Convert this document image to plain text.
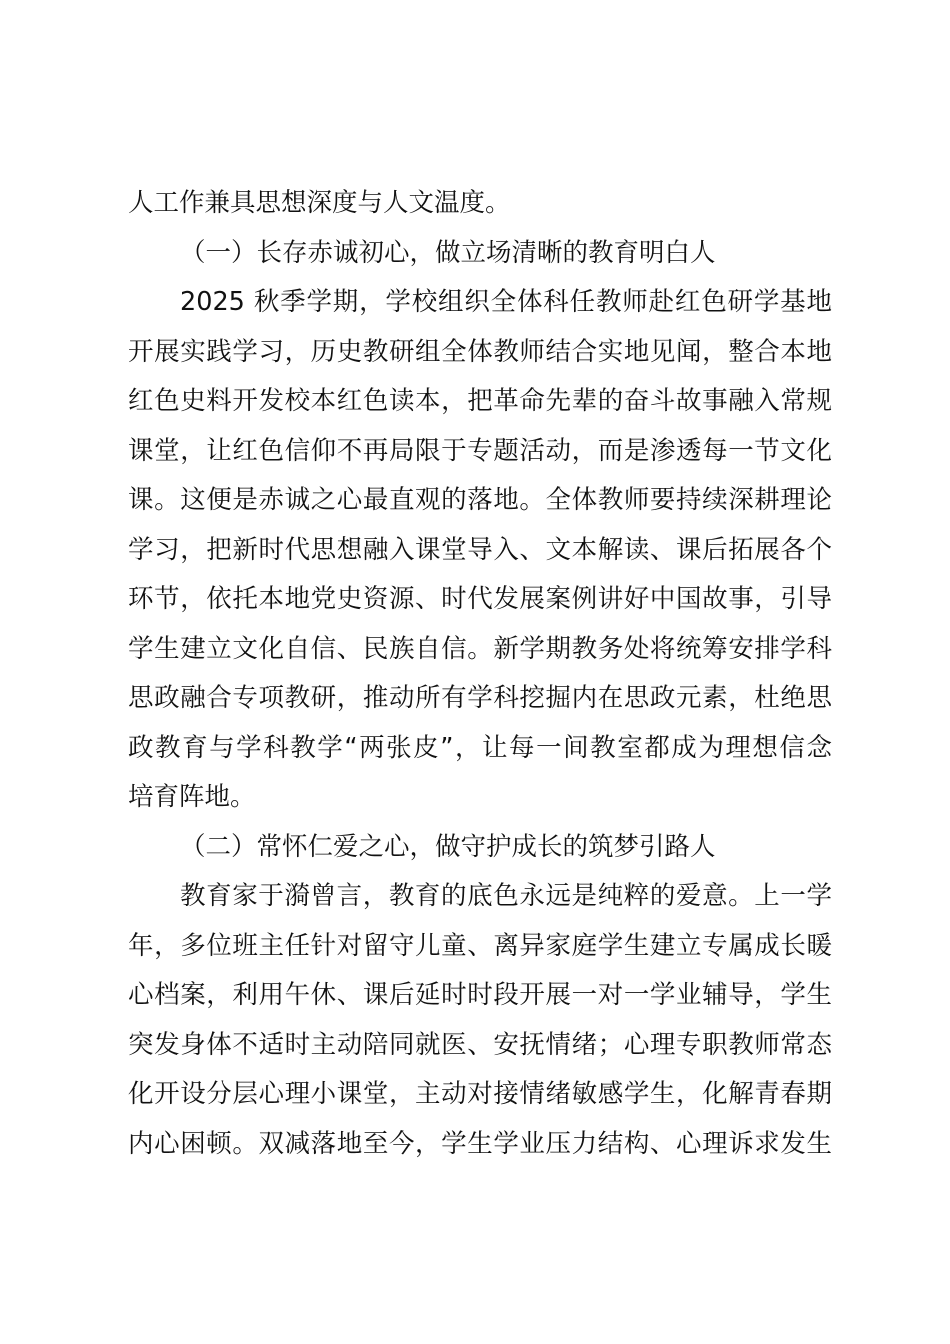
人工作兼具思想深度与人文温度。
（一）长存赤诚初心，做立场清晰的教育明白人
2025 秋季学期，学校组织全体科任教师赴红色研学基地
开展实践学习，历史教研组全体教师结合实地见闻，整合本地
红色史料开发校本红色读本，把革命先辈的奋斗故事融入常规
课堂，让红色信仰不再局限于专题活动，而是渗透每一节文化
课。这便是赤诚之心最直观的落地。全体教师要持续深耕理论
学习，把新时代思想融入课堂导入、文本解读、课后拓展各个
环节，依托本地党史资源、时代发展案例讲好中国故事，引导
学生建立文化自信、民族自信。新学期教务处将统筹安排学科
思政融合专项教研，推动所有学科挖掘内在思政元素，杜绝思
政教育与学科教学“两张皮”，让每一间教室都成为理想信念
培育阵地。
（二）常怀仁爱之心，做守护成长的筑梦引路人
教育家于漪曾言，教育的底色永远是纯粹的爱意。上一学
年，多位班主任针对留守儿童、离异家庭学生建立专属成长暖
心档案，利用午休、课后延时时段开展一对一学业辅导，学生
突发身体不适时主动陪同就医、安抚情绪；心理专职教师常态
化开设分层心理小课堂，主动对接情绪敏感学生，化解青春期
内心困顿。双减落地至今，学生学业压力结构、心理诉求发生
